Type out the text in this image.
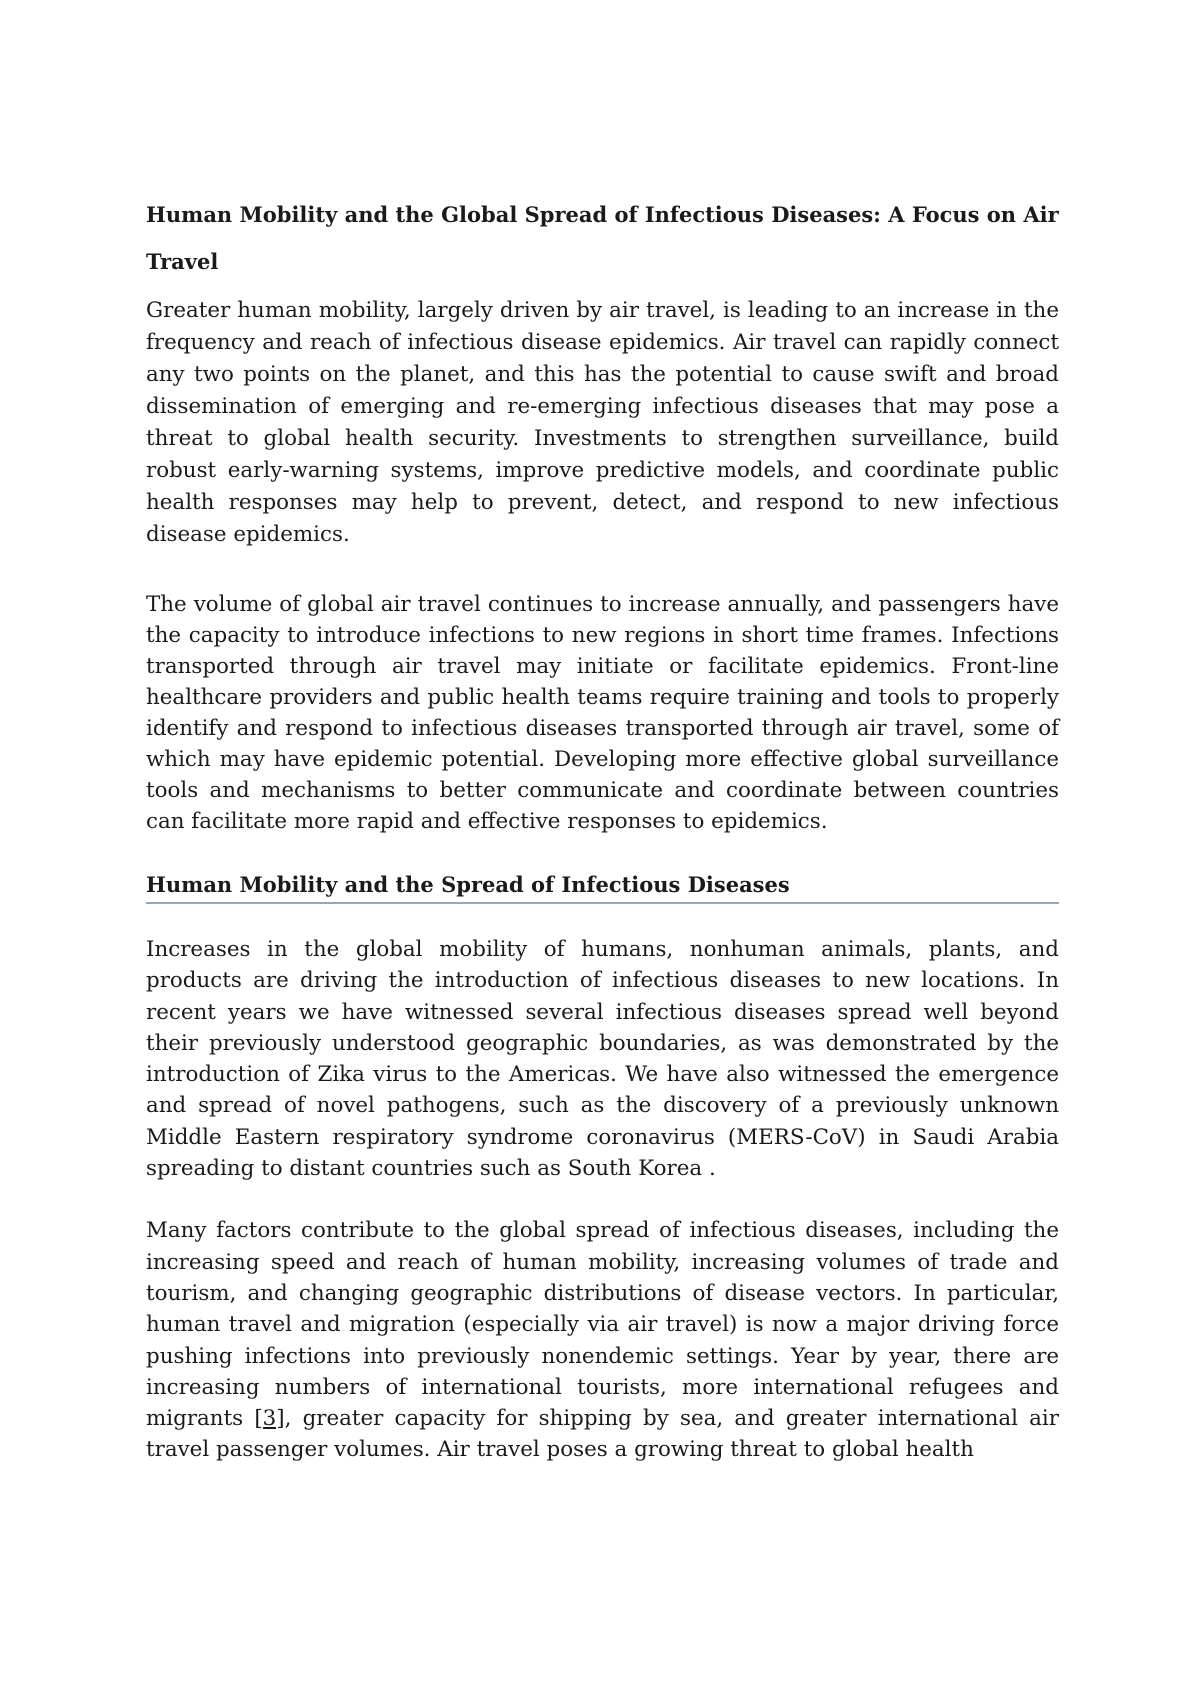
Human Mobility and the Global Spread of Infectious Diseases: A Focus on Air Travel

Greater human mobility, largely driven by air travel, is leading to an increase in the frequency and reach of infectious disease epidemics. Air travel can rapidly connect any two points on the planet, and this has the potential to cause swift and broad dissemination of emerging and re-emerging infectious diseases that may pose a threat to global health security. Investments to strengthen surveillance, build robust early-warning systems, improve predictive models, and coordinate public health responses may help to prevent, detect, and respond to new infectious disease epidemics.

The volume of global air travel continues to increase annually, and passengers have the capacity to introduce infections to new regions in short time frames. Infections transported through air travel may initiate or facilitate epidemics. Front-line healthcare providers and public health teams require training and tools to properly identify and respond to infectious diseases transported through air travel, some of which may have epidemic potential. Developing more effective global surveillance tools and mechanisms to better communicate and coordinate between countries can facilitate more rapid and effective responses to epidemics.

Human Mobility and the Spread of Infectious Diseases

Increases in the global mobility of humans, nonhuman animals, plants, and products are driving the introduction of infectious diseases to new locations. In recent years we have witnessed several infectious diseases spread well beyond their previously understood geographic boundaries, as was demonstrated by the introduction of Zika virus to the Americas. We have also witnessed the emergence and spread of novel pathogens, such as the discovery of a previously unknown Middle Eastern respiratory syndrome coronavirus (MERS-CoV) in Saudi Arabia spreading to distant countries such as South Korea .

Many factors contribute to the global spread of infectious diseases, including the increasing speed and reach of human mobility, increasing volumes of trade and tourism, and changing geographic distributions of disease vectors. In particular, human travel and migration (especially via air travel) is now a major driving force pushing infections into previously nonendemic settings. Year by year, there are increasing numbers of international tourists, more international refugees and migrants [3], greater capacity for shipping by sea, and greater international air travel passenger volumes. Air travel poses a growing threat to global health
